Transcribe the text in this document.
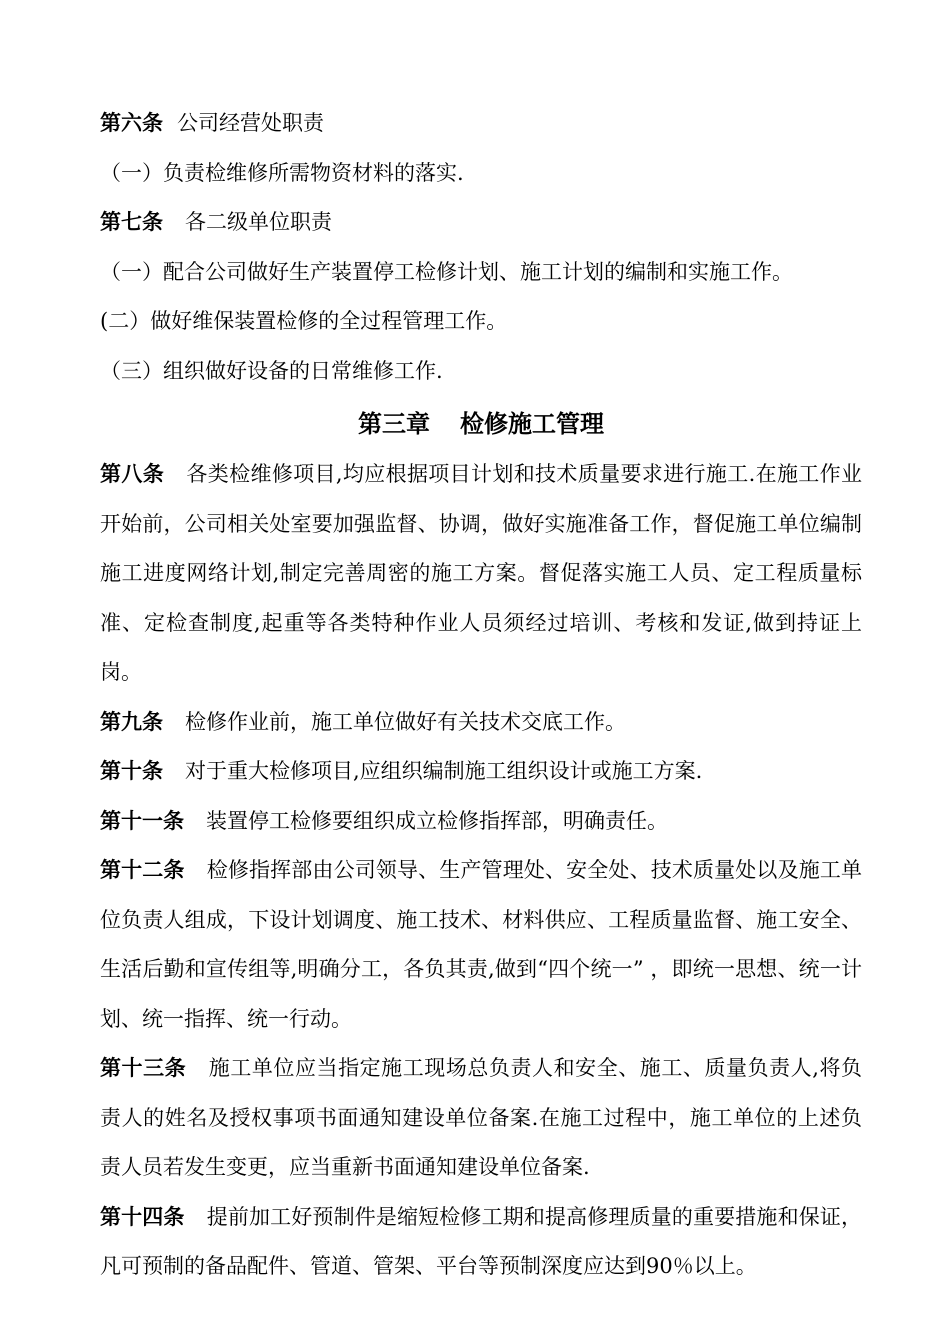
第六条 公司经营处职责

（一）负责检维修所需物资材料的落实.

第七条 各二级单位职责

（一）配合公司做好生产装置停工检修计划、施工计划的编制和实施工作。

(二）做好维保装置检修的全过程管理工作。

（三）组织做好设备的日常维修工作.

第三章 检修施工管理

第八条 各类检维修项目,均应根据项目计划和技术质量要求进行施工.在施工作业开始前，公司相关处室要加强监督、协调，做好实施准备工作，督促施工单位编制施工进度网络计划,制定完善周密的施工方案。督促落实施工人员、定工程质量标准、定检查制度,起重等各类特种作业人员须经过培训、考核和发证,做到持证上岗。

第九条 检修作业前，施工单位做好有关技术交底工作。

第十条 对于重大检修项目,应组织编制施工组织设计或施工方案.

第十一条 装置停工检修要组织成立检修指挥部，明确责任。

第十二条 检修指挥部由公司领导、生产管理处、安全处、技术质量处以及施工单位负责人组成，下设计划调度、施工技术、材料供应、工程质量监督、施工安全、生活后勤和宣传组等,明确分工，各负其责,做到“四个统一” ，即统一思想、统一计划、统一指挥、统一行动。

第十三条 施工单位应当指定施工现场总负责人和安全、施工、质量负责人,将负责人的姓名及授权事项书面通知建设单位备案.在施工过程中，施工单位的上述负责人员若发生变更，应当重新书面通知建设单位备案.

第十四条 提前加工好预制件是缩短检修工期和提高修理质量的重要措施和保证，凡可预制的备品配件、管道、管架、平台等预制深度应达到90％以上。
